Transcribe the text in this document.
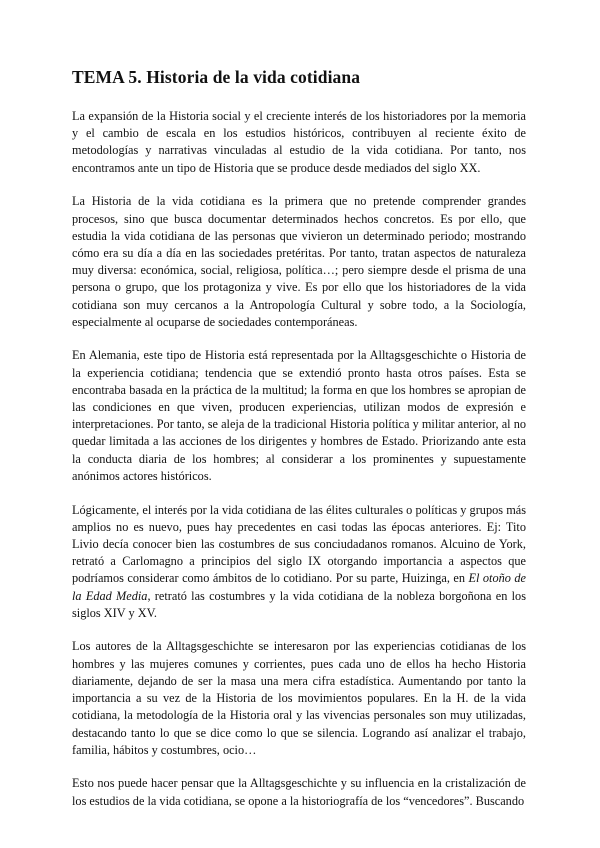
TEMA 5. Historia de la vida cotidiana

La expansión de la Historia social y el creciente interés de los historiadores por la memoria y el cambio de escala en los estudios históricos, contribuyen al reciente éxito de metodologías y narrativas vinculadas al estudio de la vida cotidiana. Por tanto, nos encontramos ante un tipo de Historia que se produce desde mediados del siglo XX.

La Historia de la vida cotidiana es la primera que no pretende comprender grandes procesos, sino que busca documentar determinados hechos concretos. Es por ello, que estudia la vida cotidiana de las personas que vivieron un determinado periodo; mostrando cómo era su día a día en las sociedades pretéritas. Por tanto, tratan aspectos de naturaleza muy diversa: económica, social, religiosa, política…; pero siempre desde el prisma de una persona o grupo, que los protagoniza y vive. Es por ello que los historiadores de la vida cotidiana son muy cercanos a la Antropología Cultural y sobre todo, a la Sociología, especialmente al ocuparse de sociedades contemporáneas.

En Alemania, este tipo de Historia está representada por la Alltagsgeschichte o Historia de la experiencia cotidiana; tendencia que se extendió pronto hasta otros países. Esta se encontraba basada en la práctica de la multitud; la forma en que los hombres se apropian de las condiciones en que viven, producen experiencias, utilizan modos de expresión e interpretaciones. Por tanto, se aleja de la tradicional Historia política y militar anterior, al no quedar limitada a las acciones de los dirigentes y hombres de Estado. Priorizando ante esta la conducta diaria de los hombres; al considerar a los prominentes y supuestamente anónimos actores históricos.

Lógicamente, el interés por la vida cotidiana de las élites culturales o políticas y grupos más amplios no es nuevo, pues hay precedentes en casi todas las épocas anteriores. Ej: Tito Livio decía conocer bien las costumbres de sus conciudadanos romanos. Alcuino de York, retrató a Carlomagno a principios del siglo IX otorgando importancia a aspectos que podríamos considerar como ámbitos de lo cotidiano. Por su parte, Huizinga, en El otoño de la Edad Media, retrató las costumbres y la vida cotidiana de la nobleza borgoñona en los siglos XIV y XV.

Los autores de la Alltagsgeschichte se interesaron por las experiencias cotidianas de los hombres y las mujeres comunes y corrientes, pues cada uno de ellos ha hecho Historia diariamente, dejando de ser la masa una mera cifra estadística. Aumentando por tanto la importancia a su vez de la Historia de los movimientos populares. En la H. de la vida cotidiana, la metodología de la Historia oral y las vivencias personales son muy utilizadas, destacando tanto lo que se dice como lo que se silencia. Logrando así analizar el trabajo, familia, hábitos y costumbres, ocio…

Esto nos puede hacer pensar que la Alltagsgeschichte y su influencia en la cristalización de los estudios de la vida cotidiana, se opone a la historiografía de los “vencedores”. Buscando
